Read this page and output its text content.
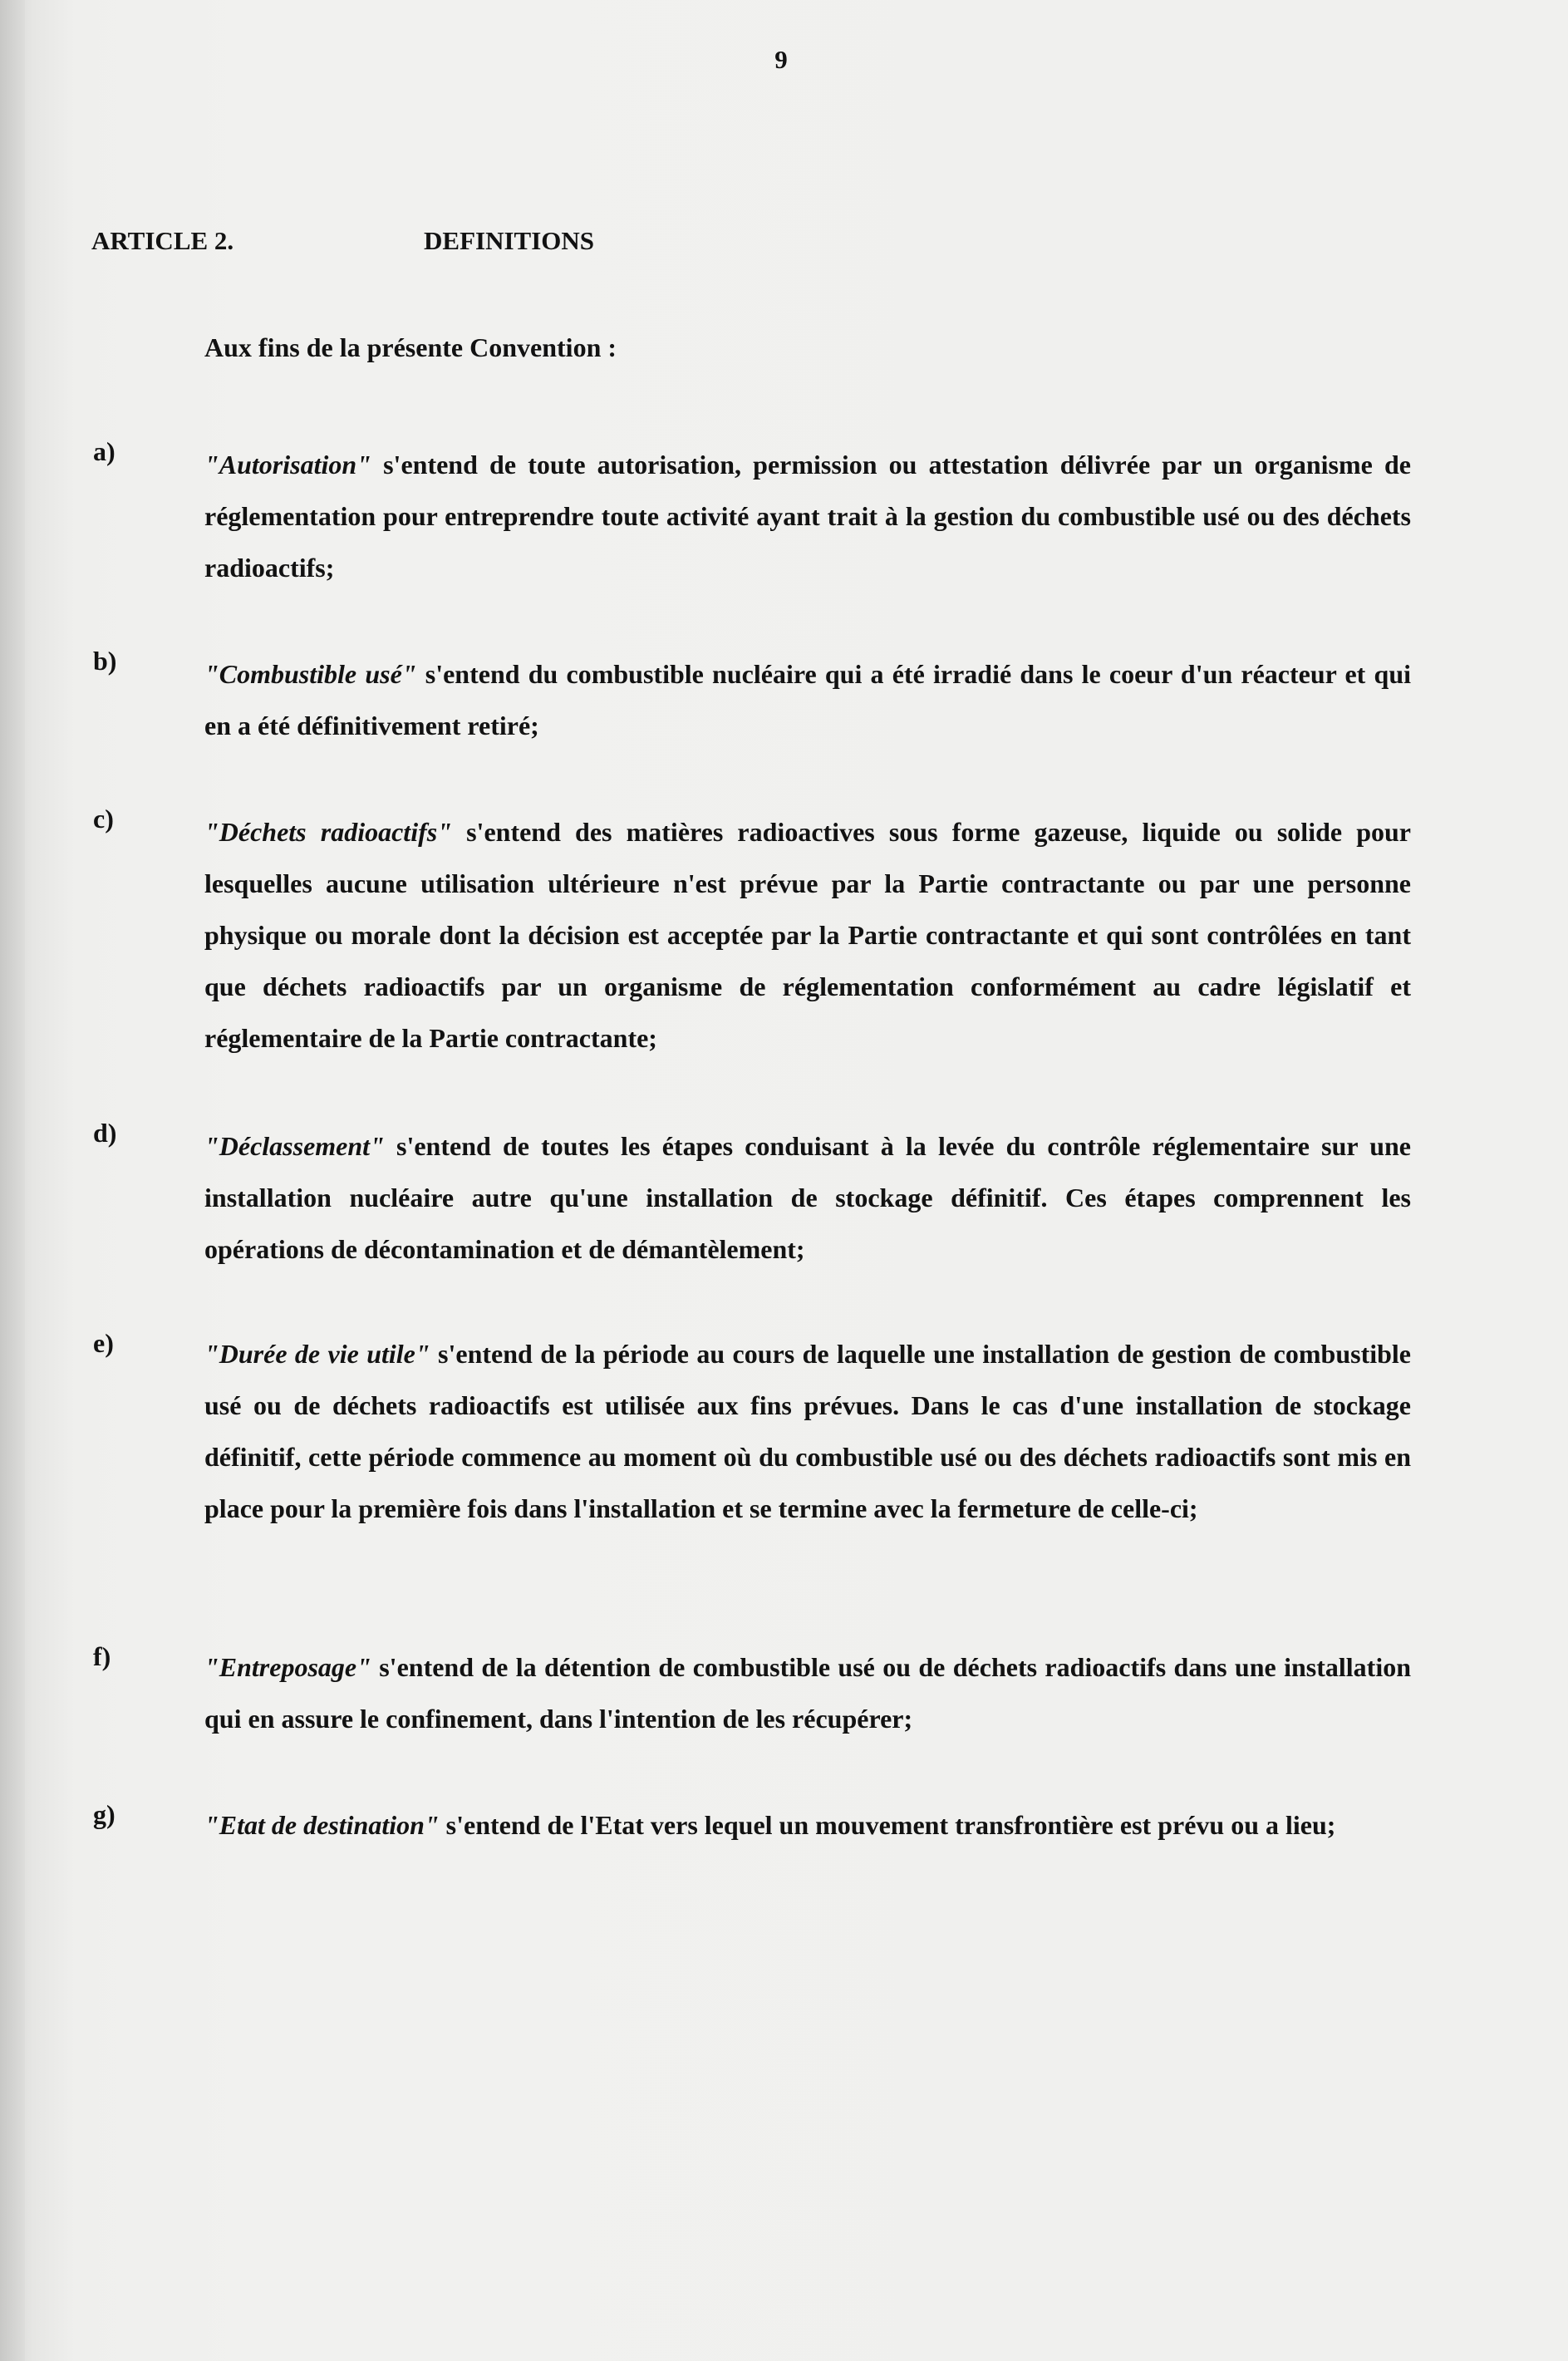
9
ARTICLE 2.	DEFINITIONS
Aux fins de la présente Convention :
a)	"Autorisation" s'entend de toute autorisation, permission ou attestation délivrée par un organisme de réglementation pour entreprendre toute activité ayant trait à la gestion du combustible usé ou des déchets radioactifs;
b)	"Combustible usé" s'entend du combustible nucléaire qui a été irradié dans le coeur d'un réacteur et qui en a été définitivement retiré;
c)	"Déchets radioactifs" s'entend des matières radioactives sous forme gazeuse, liquide ou solide pour lesquelles aucune utilisation ultérieure n'est prévue par la Partie contractante ou par une personne physique ou morale dont la décision est acceptée par la Partie contractante et qui sont contrôlées en tant que déchets radioactifs par un organisme de réglementation conformément au cadre législatif et réglementaire de la Partie contractante;
d)	"Déclassement" s'entend de toutes les étapes conduisant à la levée du contrôle réglementaire sur une installation nucléaire autre qu'une installation de stockage définitif. Ces étapes comprennent les opérations de décontamination et de démantèlement;
e)	"Durée de vie utile" s'entend de la période au cours de laquelle une installation de gestion de combustible usé ou de déchets radioactifs est utilisée aux fins prévues. Dans le cas d'une installation de stockage définitif, cette période commence au moment où du combustible usé ou des déchets radioactifs sont mis en place pour la première fois dans l'installation et se termine avec la fermeture de celle-ci;
f)	"Entreposage" s'entend de la détention de combustible usé ou de déchets radioactifs dans une installation qui en assure le confinement, dans l'intention de les récupérer;
g)	"Etat de destination" s'entend de l'Etat vers lequel un mouvement transfrontière est prévu ou a lieu;
